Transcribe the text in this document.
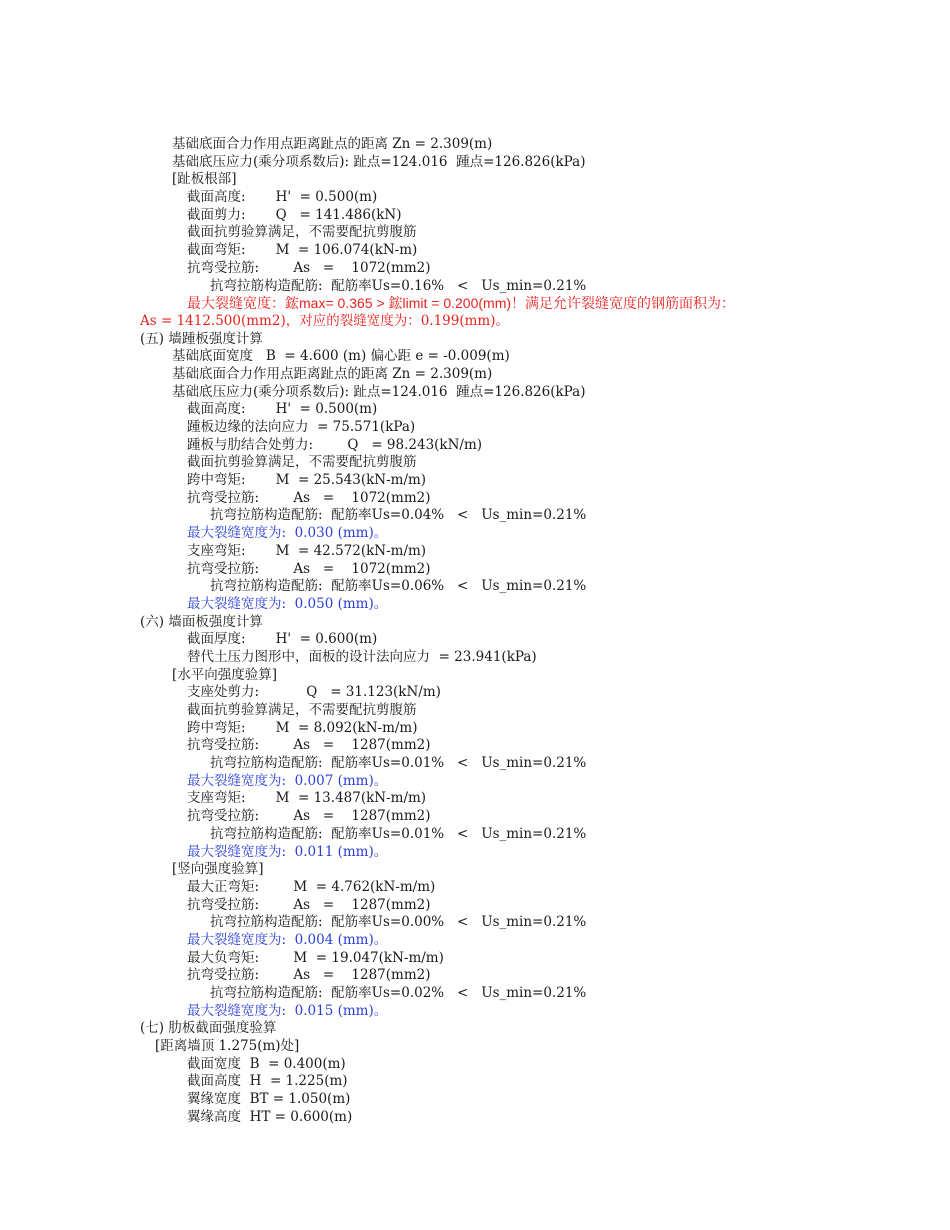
基础底面合力作用点距离趾点的距离 Zn = 2.309(m)
基础底压应力(乘分项系数后): 趾点=124.016  踵点=126.826(kPa)
[趾板根部]
截面高度:       H'  = 0.500(m)
截面剪力:       Q   = 141.486(kN)
截面抗剪验算满足，不需要配抗剪腹筋
截面弯矩:       M  = 106.074(kN-m)
抗弯受拉筋:        As   =    1072(mm2)
抗弯拉筋构造配筋:  配筋率Us=0.16%   <   Us_min=0.21%
最大裂缝宽度：鋐max= 0.365 > 鋐limit = 0.200(mm)！满足允许裂缝宽度的钢筋面积为：
As = 1412.500(mm2)，对应的裂缝宽度为：0.199(mm)。
(五) 墙踵板强度计算
基础底面宽度   B  = 4.600 (m) 偏心距 e = -0.009(m)
基础底面合力作用点距离趾点的距离 Zn = 2.309(m)
基础底压应力(乘分项系数后): 趾点=124.016  踵点=126.826(kPa)
截面高度:       H'  = 0.500(m)
踵板边缘的法向应力  = 75.571(kPa)
踵板与肋结合处剪力:        Q   = 98.243(kN/m)
截面抗剪验算满足，不需要配抗剪腹筋
跨中弯矩:       M  = 25.543(kN-m/m)
抗弯受拉筋:        As   =    1072(mm2)
抗弯拉筋构造配筋:  配筋率Us=0.04%   <   Us_min=0.21%
最大裂缝宽度为:  0.030 (mm)。
支座弯矩:       M  = 42.572(kN-m/m)
抗弯受拉筋:        As   =    1072(mm2)
抗弯拉筋构造配筋:  配筋率Us=0.06%   <   Us_min=0.21%
最大裂缝宽度为:  0.050 (mm)。
(六) 墙面板强度计算
截面厚度:       H'  = 0.600(m)
替代土压力图形中，面板的设计法向应力  = 23.941(kPa)
[水平向强度验算]
支座处剪力:           Q   = 31.123(kN/m)
截面抗剪验算满足，不需要配抗剪腹筋
跨中弯矩:       M  = 8.092(kN-m/m)
抗弯受拉筋:        As   =    1287(mm2)
抗弯拉筋构造配筋:  配筋率Us=0.01%   <   Us_min=0.21%
最大裂缝宽度为:  0.007 (mm)。
支座弯矩:       M  = 13.487(kN-m/m)
抗弯受拉筋:        As   =    1287(mm2)
抗弯拉筋构造配筋:  配筋率Us=0.01%   <   Us_min=0.21%
最大裂缝宽度为:  0.011 (mm)。
[竖向强度验算]
最大正弯矩:        M  = 4.762(kN-m/m)
抗弯受拉筋:        As   =    1287(mm2)
抗弯拉筋构造配筋:  配筋率Us=0.00%   <   Us_min=0.21%
最大裂缝宽度为:  0.004 (mm)。
最大负弯矩:        M  = 19.047(kN-m/m)
抗弯受拉筋:        As   =    1287(mm2)
抗弯拉筋构造配筋:  配筋率Us=0.02%   <   Us_min=0.21%
最大裂缝宽度为:  0.015 (mm)。
(七) 肋板截面强度验算
[距离墙顶 1.275(m)处]
截面宽度  B  = 0.400(m)
截面高度  H  = 1.225(m)
翼缘宽度  BT = 1.050(m)
翼缘高度  HT = 0.600(m)
